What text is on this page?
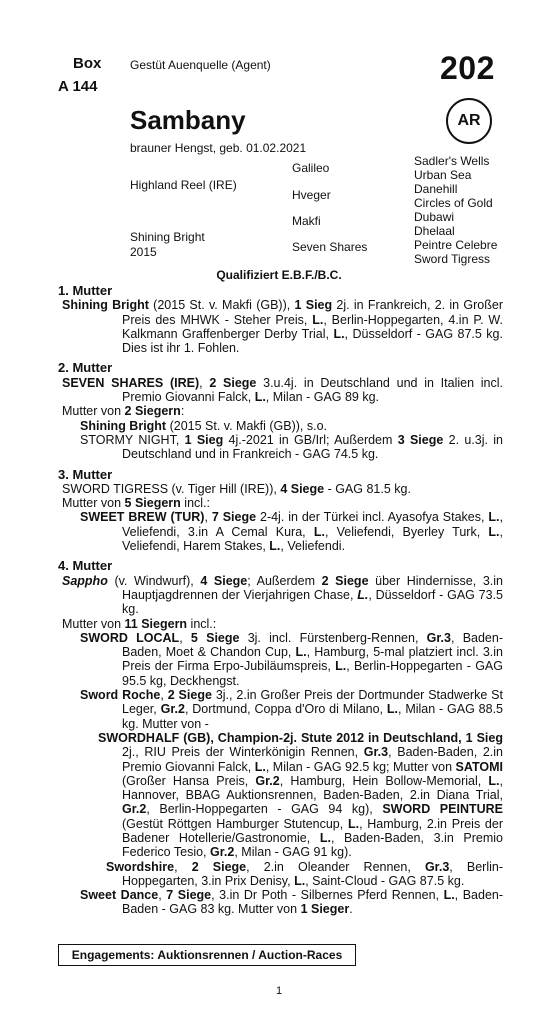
Box
A 144
Gestüt Auenquelle (Agent)	202
Sambany	AR
brauner Hengst, geb. 01.02.2021
Highland Reel (IRE)
Shining Bright
2015
Galileo
Hveger
Makfi
Seven Shares
Sadler's Wells
Urban Sea
Danehill
Circles of Gold
Dubawi
Dhelaal
Peintre Celebre
Sword Tigress
Qualifiziert E.B.F./B.C.
1. Mutter
Shining Bright (2015 St. v. Makfi (GB)), 1 Sieg 2j. in Frankreich, 2. in Großer Preis des MHWK - Steher Preis, L., Berlin-Hoppegarten, 4.in P. W. Kalkmann Graffenberger Derby Trial, L., Düsseldorf - GAG 87.5 kg. Dies ist ihr 1. Fohlen.
2. Mutter
SEVEN SHARES (IRE), 2 Siege 3.u.4j. in Deutschland und in Italien incl. Premio Giovanni Falck, L., Milan - GAG 89 kg.
Mutter von 2 Siegern:
Shining Bright (2015 St. v. Makfi (GB)), s.o.
STORMY NIGHT, 1 Sieg 4j.-2021 in GB/Irl; Außerdem 3 Siege 2. u.3j. in Deutschland und in Frankreich - GAG 74.5 kg.
3. Mutter
SWORD TIGRESS (v. Tiger Hill (IRE)), 4 Siege - GAG 81.5 kg.
Mutter von 5 Siegern incl.:
SWEET BREW (TUR), 7 Siege 2-4j. in der Türkei incl. Ayasofya Stakes, L., Veliefendi, 3.in A Cemal Kura, L., Veliefendi, Byerley Turk, L., Veliefendi, Harem Stakes, L., Veliefendi.
4. Mutter
Sappho (v. Windwurf), 4 Siege; Außerdem 2 Siege über Hindernisse, 3.in Hauptjagdrennen der Vierjahrigen Chase, L., Düsseldorf - GAG 73.5 kg.
Mutter von 11 Siegern incl.:
SWORD LOCAL, 5 Siege 3j. incl. Fürstenberg-Rennen, Gr.3, Baden-Baden, Moet & Chandon Cup, L., Hamburg, 5-mal platziert incl. 3.in Preis der Firma Erpo-Jubiläumspreis, L., Berlin-Hoppegarten - GAG 95.5 kg, Deckhengst.
Sword Roche, 2 Siege 3j., 2.in Großer Preis der Dortmunder Stadwerke St Leger, Gr.2, Dortmund, Coppa d'Oro di Milano, L., Milan - GAG 88.5 kg. Mutter von -
SWORDHALF (GB), Champion-2j. Stute 2012 in Deutschland, 1 Sieg 2j., RIU Preis der Winterkönigin Rennen, Gr.3, Baden-Baden, 2.in Premio Giovanni Falck, L., Milan - GAG 92.5 kg; Mutter von SATOMI (Großer Hansa Preis, Gr.2, Hamburg, Hein Bollow-Memorial, L., Hannover, BBAG Auktionsrennen, Baden-Baden, 2.in Diana Trial, Gr.2, Berlin-Hoppegarten - GAG 94 kg), SWORD PEINTURE (Gestüt Röttgen Hamburger Stutencup, L., Hamburg, 2.in Preis der Badener Hotellerie/Gastronomie, L., Baden-Baden, 3.in Premio Federico Tesio, Gr.2, Milan - GAG 91 kg).
Swordshire, 2 Siege, 2.in Oleander Rennen, Gr.3, Berlin-Hoppegarten, 3.in Prix Denisy, L., Saint-Cloud - GAG 87.5 kg.
Sweet Dance, 7 Siege, 3.in Dr Poth - Silbernes Pferd Rennen, L., Baden-Baden - GAG 83 kg. Mutter von 1 Sieger.
Engagements: Auktionsrennen / Auction-Races
1
